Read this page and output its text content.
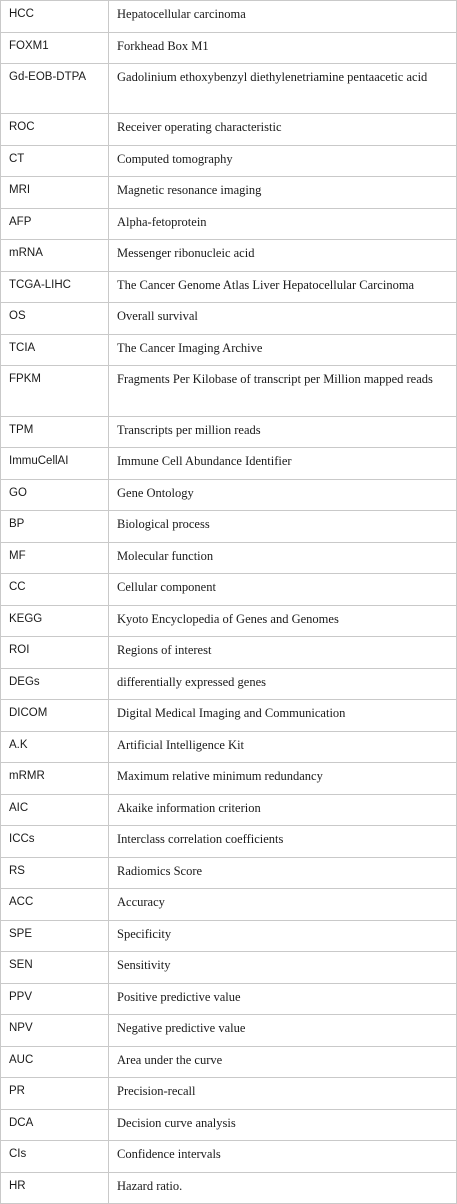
HCC	Hepatocellular carcinoma
FOXM1	Forkhead Box M1
Gd-EOB-DTPA	Gadolinium ethoxybenzyl diethylenetriamine pentaacetic acid
ROC	Receiver operating characteristic
CT	Computed tomography
MRI	Magnetic resonance imaging
AFP	Alpha-fetoprotein
mRNA	Messenger ribonucleic acid
TCGA-LIHC	The Cancer Genome Atlas Liver Hepatocellular Carcinoma
OS	Overall survival
TCIA	The Cancer Imaging Archive
FPKM	Fragments Per Kilobase of transcript per Million mapped reads
TPM	Transcripts per million reads
ImmuCellAI	Immune Cell Abundance Identifier
GO	Gene Ontology
BP	Biological process
MF	Molecular function
CC	Cellular component
KEGG	Kyoto Encyclopedia of Genes and Genomes
ROI	Regions of interest
DEGs	differentially expressed genes
DICOM	Digital Medical Imaging and Communication
A.K	Artificial Intelligence Kit
mRMR	Maximum relative minimum redundancy
AIC	Akaike information criterion
ICCs	Interclass correlation coefficients
RS	Radiomics Score
ACC	Accuracy
SPE	Specificity
SEN	Sensitivity
PPV	Positive predictive value
NPV	Negative predictive value
AUC	Area under the curve
PR	Precision-recall
DCA	Decision curve analysis
CIs	Confidence intervals
HR	Hazard ratio.
